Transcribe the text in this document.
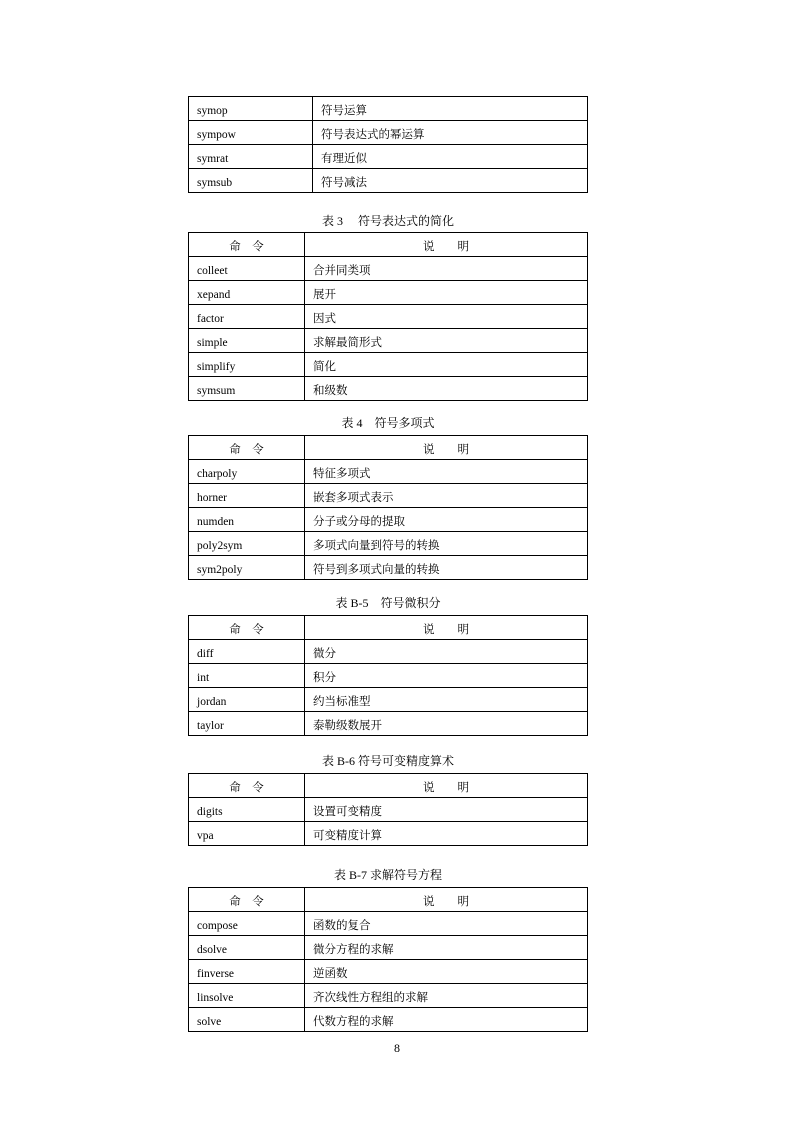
symop	符号运算
sympow	符号表达式的幂运算
symrat	有理近似
symsub	符号减法
表 3　 符号表达式的简化
命　令	说　　明
colleet	合并同类项
xepand	展开
factor	因式
simple	求解最简形式
simplify	简化
symsum	和级数
表 4　符号多项式
命　令	说　　明
charpoly	特征多项式
horner	嵌套多项式表示
numden	分子或分母的提取
poly2sym	多项式向量到符号的转换
sym2poly	符号到多项式向量的转换
表 B-5　符号微积分
命　令	说　　明
diff	微分
int	积分
jordan	约当标准型
taylor	泰勒级数展开
表 B-6 符号可变精度算术
命　令	说　　明
digits	设置可变精度
vpa	可变精度计算
表 B-7 求解符号方程
命　令	说　　明
compose	函数的复合
dsolve	微分方程的求解
finverse	逆函数
linsolve	齐次线性方程组的求解
solve	代数方程的求解
8
